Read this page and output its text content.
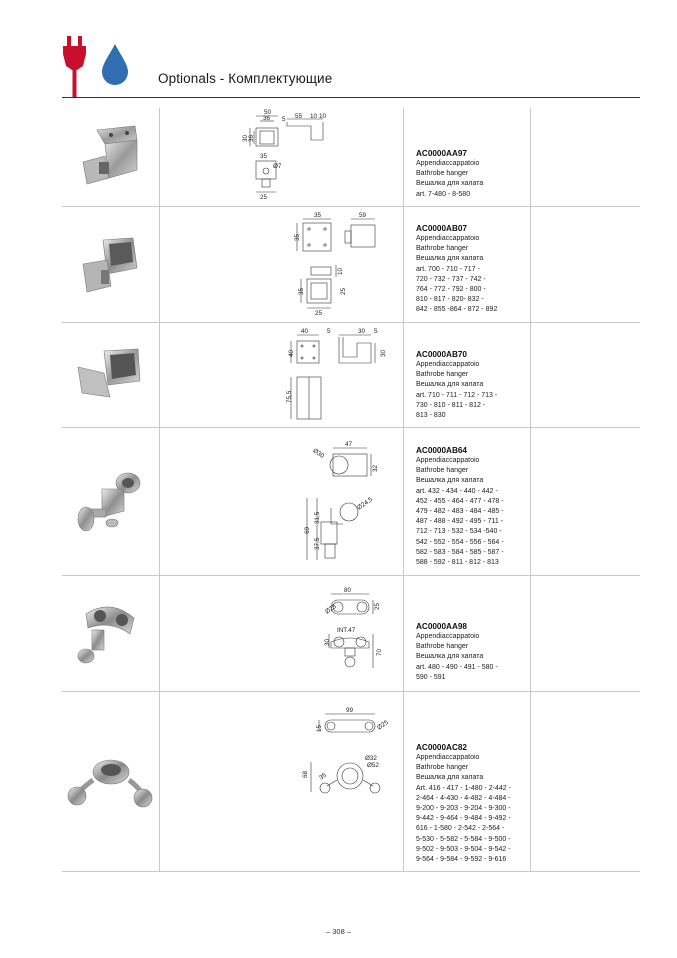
Optionals - Комплектующие
50
36 5 55 10 10
30 36
35
Ø7
25
AC0000AA97
Appendiaccappatoio
Bathrobe hanger
Вешалка для халата
art. 7-480 - 8-580
35	59
35
10
35	25
25
AC0000AB07
Appendiaccappatoio
Bathrobe hanger
Вешалка для халата
art. 700 - 710 - 717 -
720 - 732 - 737 - 742 -
764 - 772 - 792 - 800 -
810 - 817 - 820- 832 -
842 - 855 -864 - 872 - 892
40	5	30 5
40	30
75,5
AC0000AB70
Appendiaccappatoio
Bathrobe hanger
Вешалка для халата
art. 710 - 711 - 712 - 713 -
730 - 810 - 811 - 812 -
813 - 830
47
Ø30
32
Ø24,5
31,5
69
37,5
AC0000AB64
Appendiaccappatoio
Bathrobe hanger
Вешалка для халата
art. 432 - 434 - 440 - 442 -
452 - 455 - 464 - 477 - 478 -
479 - 482 - 483 - 484 - 485 -
487 - 488 - 492 - 495 - 711 -
712 - 713 - 532 - 534 -540 -
542 - 552 - 554 - 556 - 564 -
582 - 583 - 584 - 585 - 587 -
588 - 592 - 811 - 812 - 813
80
Ø25	25
INT.47
30
70
AC0000AA98
Appendiaccappatoio
Bathrobe hanger
Вешалка для халата
art. 480 - 490 - 491 - 580 -
590 - 591
99
Ø25
15
Ø32
Ø52
35
68
AC0000AC82
Appendiaccappatoio
Bathrobe hanger
Вешалка для халата
Art. 416 - 417 - 1-480 - 2-442 -
2-464 - 4-430 - 4-482 - 4-484 -
9-200 - 9-203 - 9-204 - 9-300 -
9-442 - 9-464 - 9-484 - 9-492 -
616 - 1-580 - 2-542 - 2-564 -
5-530 - 5-582 - 5-584 - 9-500 -
9-502 - 9-503 - 9-504 - 9-542 -
9-564 - 9-584 - 9-592 - 9-616
– 308 –
